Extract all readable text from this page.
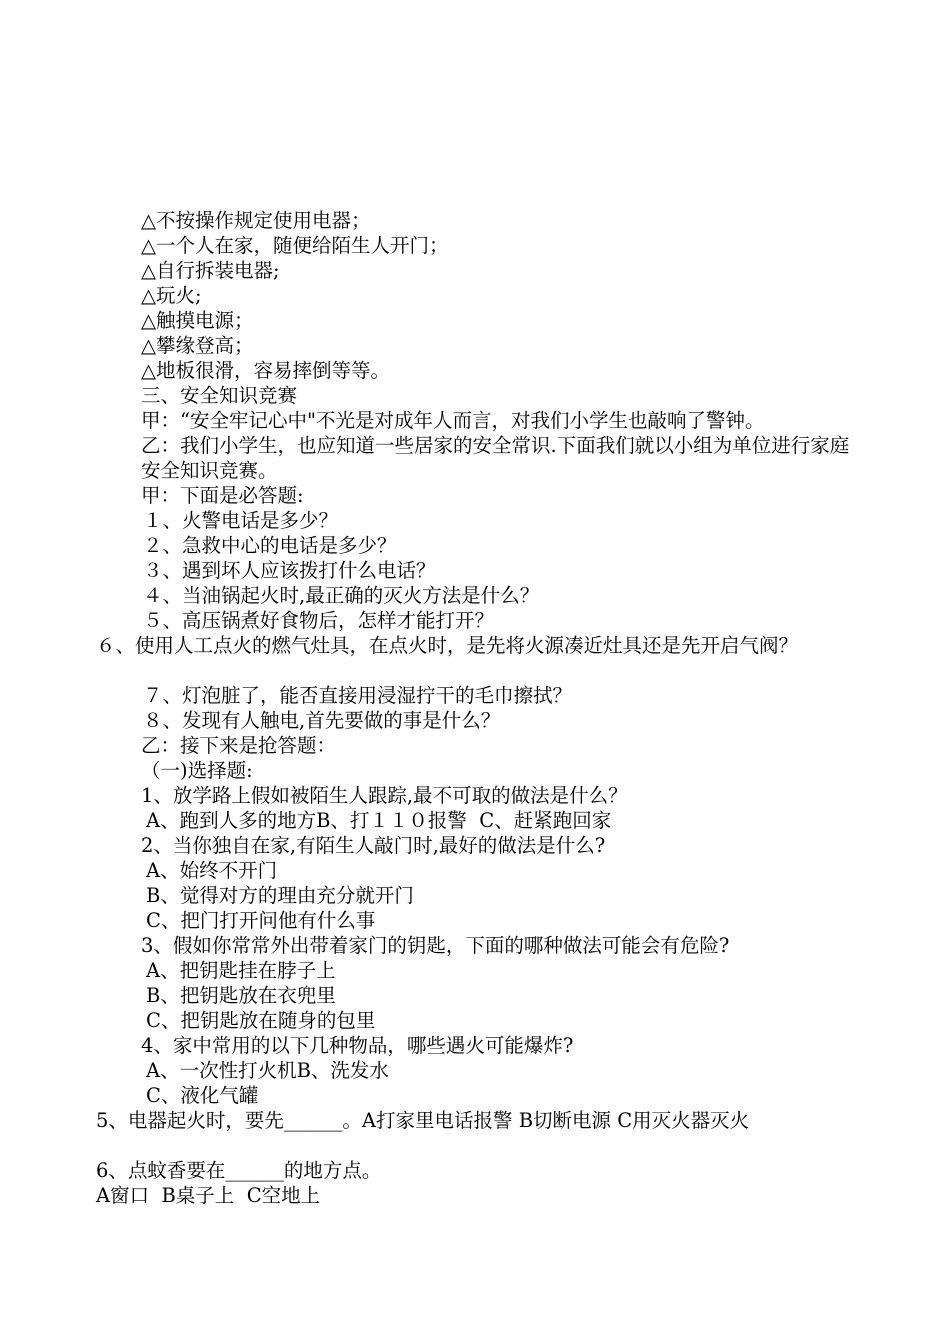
△不按操作规定使用电器；
△一个人在家，随便给陌生人开门；
△自行拆装电器;
△玩火;
△触摸电源；
△攀缘登高；
△地板很滑，容易摔倒等等。
三、安全知识竞赛
甲：“安全牢记心中"不光是对成年人而言，对我们小学生也敲响了警钟。
乙：我们小学生，也应知道一些居家的安全常识.下面我们就以小组为单位进行家庭安全知识竞赛。
甲：下面是必答题:
１、火警电话是多少？
２、急救中心的电话是多少？
３、遇到坏人应该拨打什么电话？
４、当油锅起火时,最正确的灭火方法是什么？
５、高压锅煮好食物后，怎样才能打开？
６、使用人工点火的燃气灶具，在点火时，是先将火源凑近灶具还是先开启气阀？
７、灯泡脏了，能否直接用浸湿拧干的毛巾擦拭？
８、发现有人触电,首先要做的事是什么？
乙：接下来是抢答题：
（一)选择题:
1、放学路上假如被陌生人跟踪,最不可取的做法是什么？
A、跑到人多的地方B、打１１０报警  C、赶紧跑回家
2、当你独自在家,有陌生人敲门时,最好的做法是什么?
A、始终不开门
B、觉得对方的理由充分就开门
C、把门打开问他有什么事
3、假如你常常外出带着家门的钥匙，下面的哪种做法可能会有危险?
A、把钥匙挂在脖子上
B、把钥匙放在衣兜里
C、把钥匙放在随身的包里
4、家中常用的以下几种物品，哪些遇火可能爆炸?
A、一次性打火机B、洗发水
C、液化气罐
5、电器起火时，要先______。A打家里电话报警 B切断电源 C用灭火器灭火
6、点蚊香要在______的地方点。
A窗口  B桌子上  C空地上
